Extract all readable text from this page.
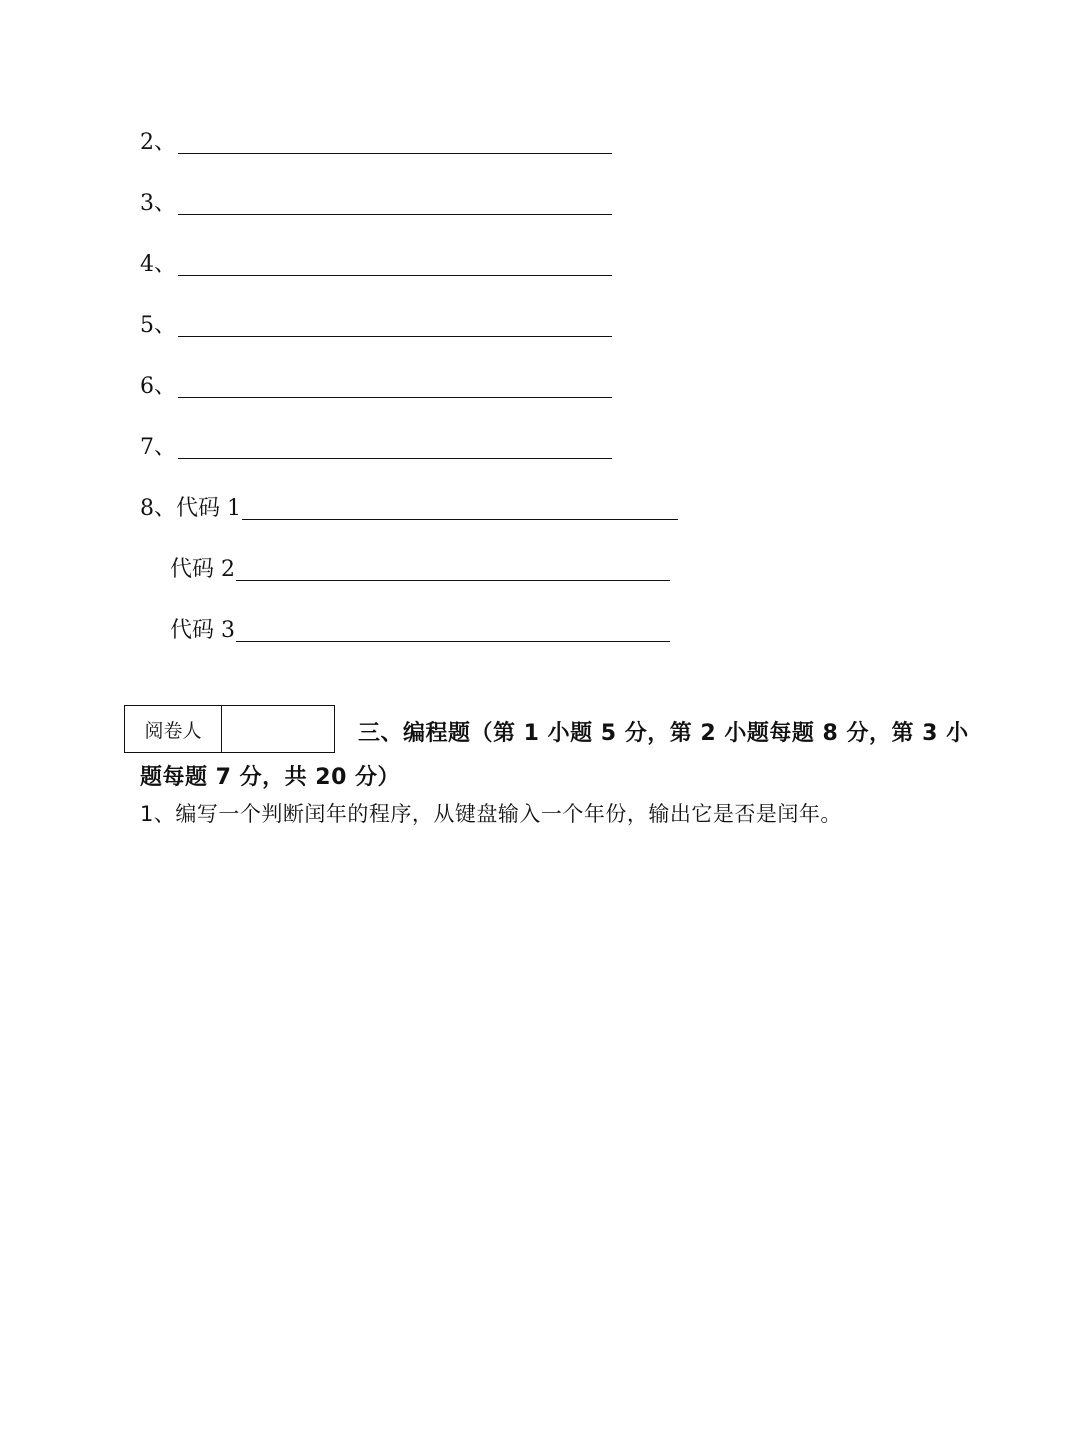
2、
3、
4、
5、
6、
7、
8、代码 1
代码 2
代码 3
阅卷人	三、编程题（第 1 小题 5 分，第 2 小题每题 8 分，第 3 小
题每题 7 分，共 20 分）
1、编写一个判断闰年的程序，从键盘输入一个年份，输出它是否是闰年。
